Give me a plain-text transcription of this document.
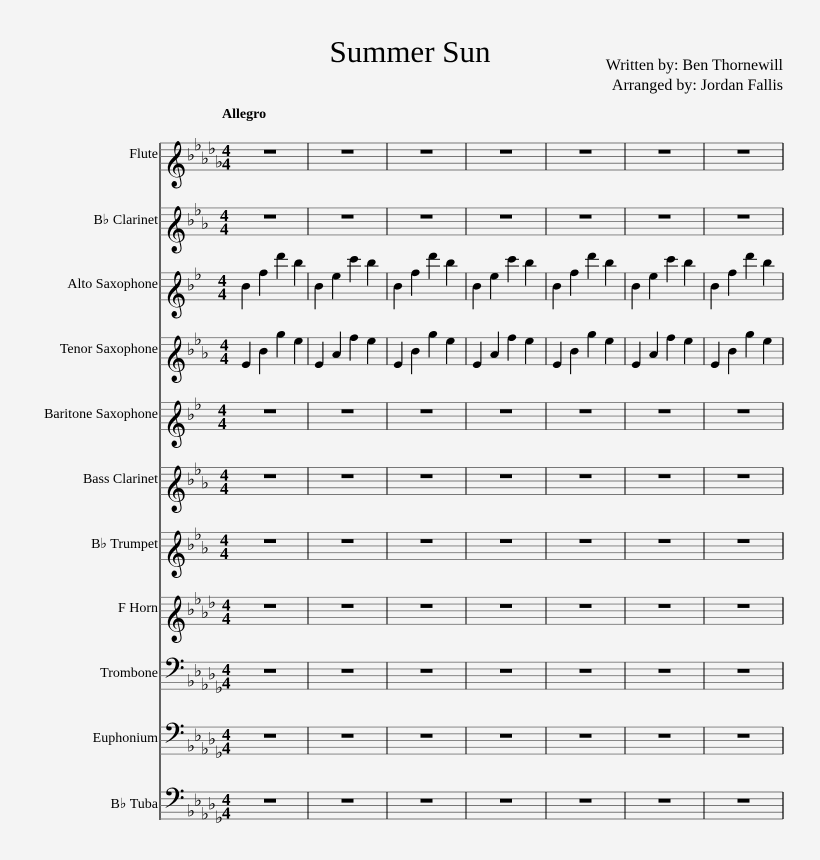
Summer Sun	Written by: Ben Thornewill
Arranged by: Jordan Fallis
Allegro
Flute
B♭ Clarinet
Alto Saxophone
Tenor Saxophone
Baritone Saxophone
Bass Clarinet
B♭ Trumpet
F Horn
Trombone
Euphonium
B♭ Tuba
𝄞 ♭
♭
♭
♭
♭
4
4
𝄞 ♭
♭
♭ 4
4
𝄞 ♭
♭ 4
4
𝄞 ♭
♭
♭ 4
4
𝄞 ♭
♭ 4
4
𝄞 ♭
♭
♭ 4
4
𝄞 ♭
♭
♭ 4
4
𝄞 ♭
♭
♭
♭ 4
4
𝄢 ♭
♭
♭
♭
♭
4
4
𝄢 ♭
♭
♭
♭
♭
4
4
𝄢 ♭
♭
♭
♭
♭
4
4
